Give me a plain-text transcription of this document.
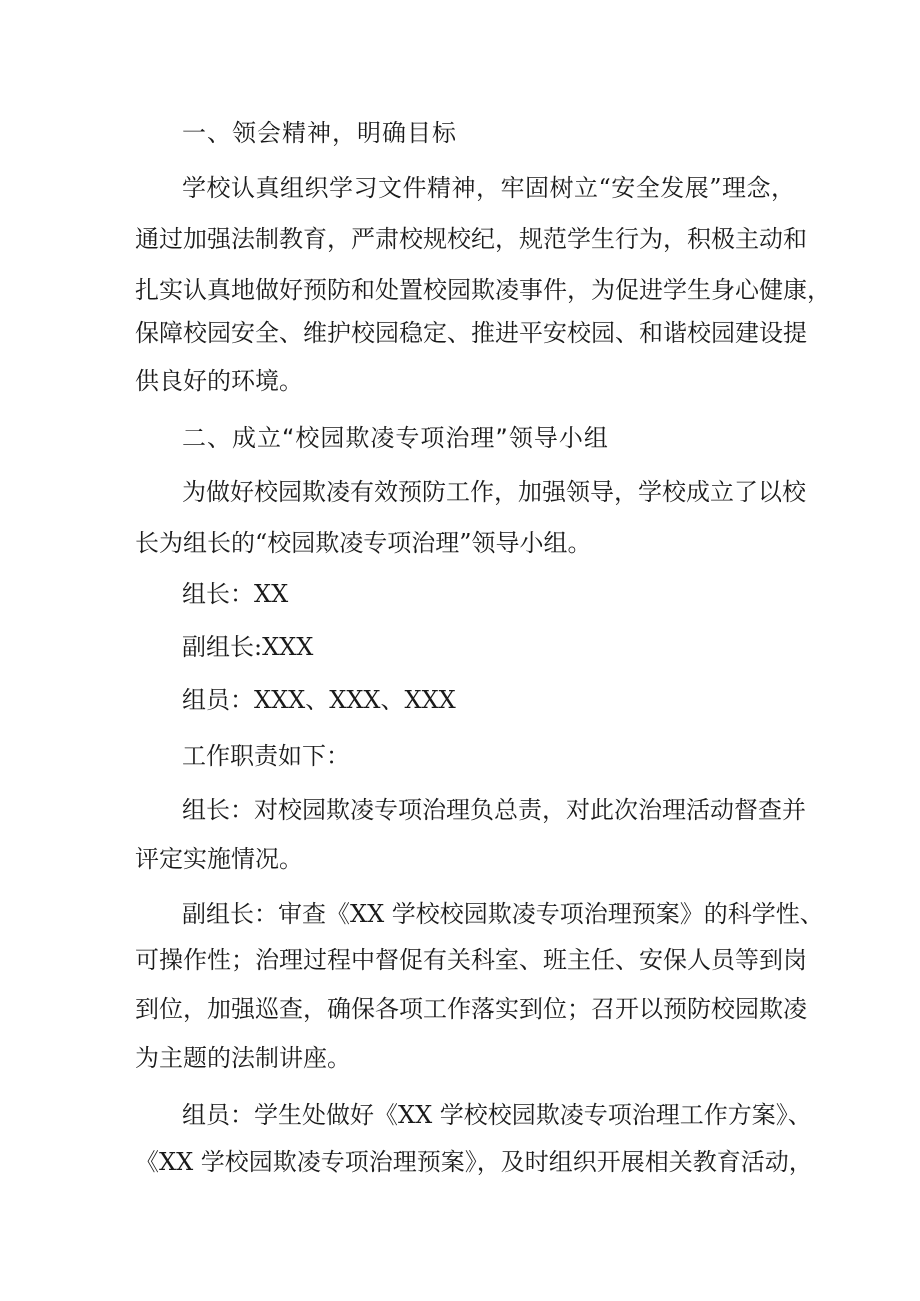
一、领会精神，明确目标

学校认真组织学习文件精神，牢固树立“安全发展”理念，

通过加强法制教育，严肃校规校纪，规范学生行为，积极主动和

扎实认真地做好预防和处置校园欺凌事件，为促进学生身心健康，

保障校园安全、维护校园稳定、推进平安校园、和谐校园建设提

供良好的环境。

二、成立“校园欺凌专项治理”领导小组

为做好校园欺凌有效预防工作，加强领导，学校成立了以校

长为组长的“校园欺凌专项治理”领导小组。

组长：XX

副组长:XXX

组员：XXX、XXX、XXX

工作职责如下：

组长：对校园欺凌专项治理负总责，对此次治理活动督查并

评定实施情况。

副组长：审查《XX 学校校园欺凌专项治理预案》的科学性、

可操作性；治理过程中督促有关科室、班主任、安保人员等到岗

到位，加强巡查，确保各项工作落实到位；召开以预防校园欺凌

为主题的法制讲座。

组员：学生处做好《XX 学校校园欺凌专项治理工作方案》、

《XX 学校园欺凌专项治理预案》，及时组织开展相关教育活动，
